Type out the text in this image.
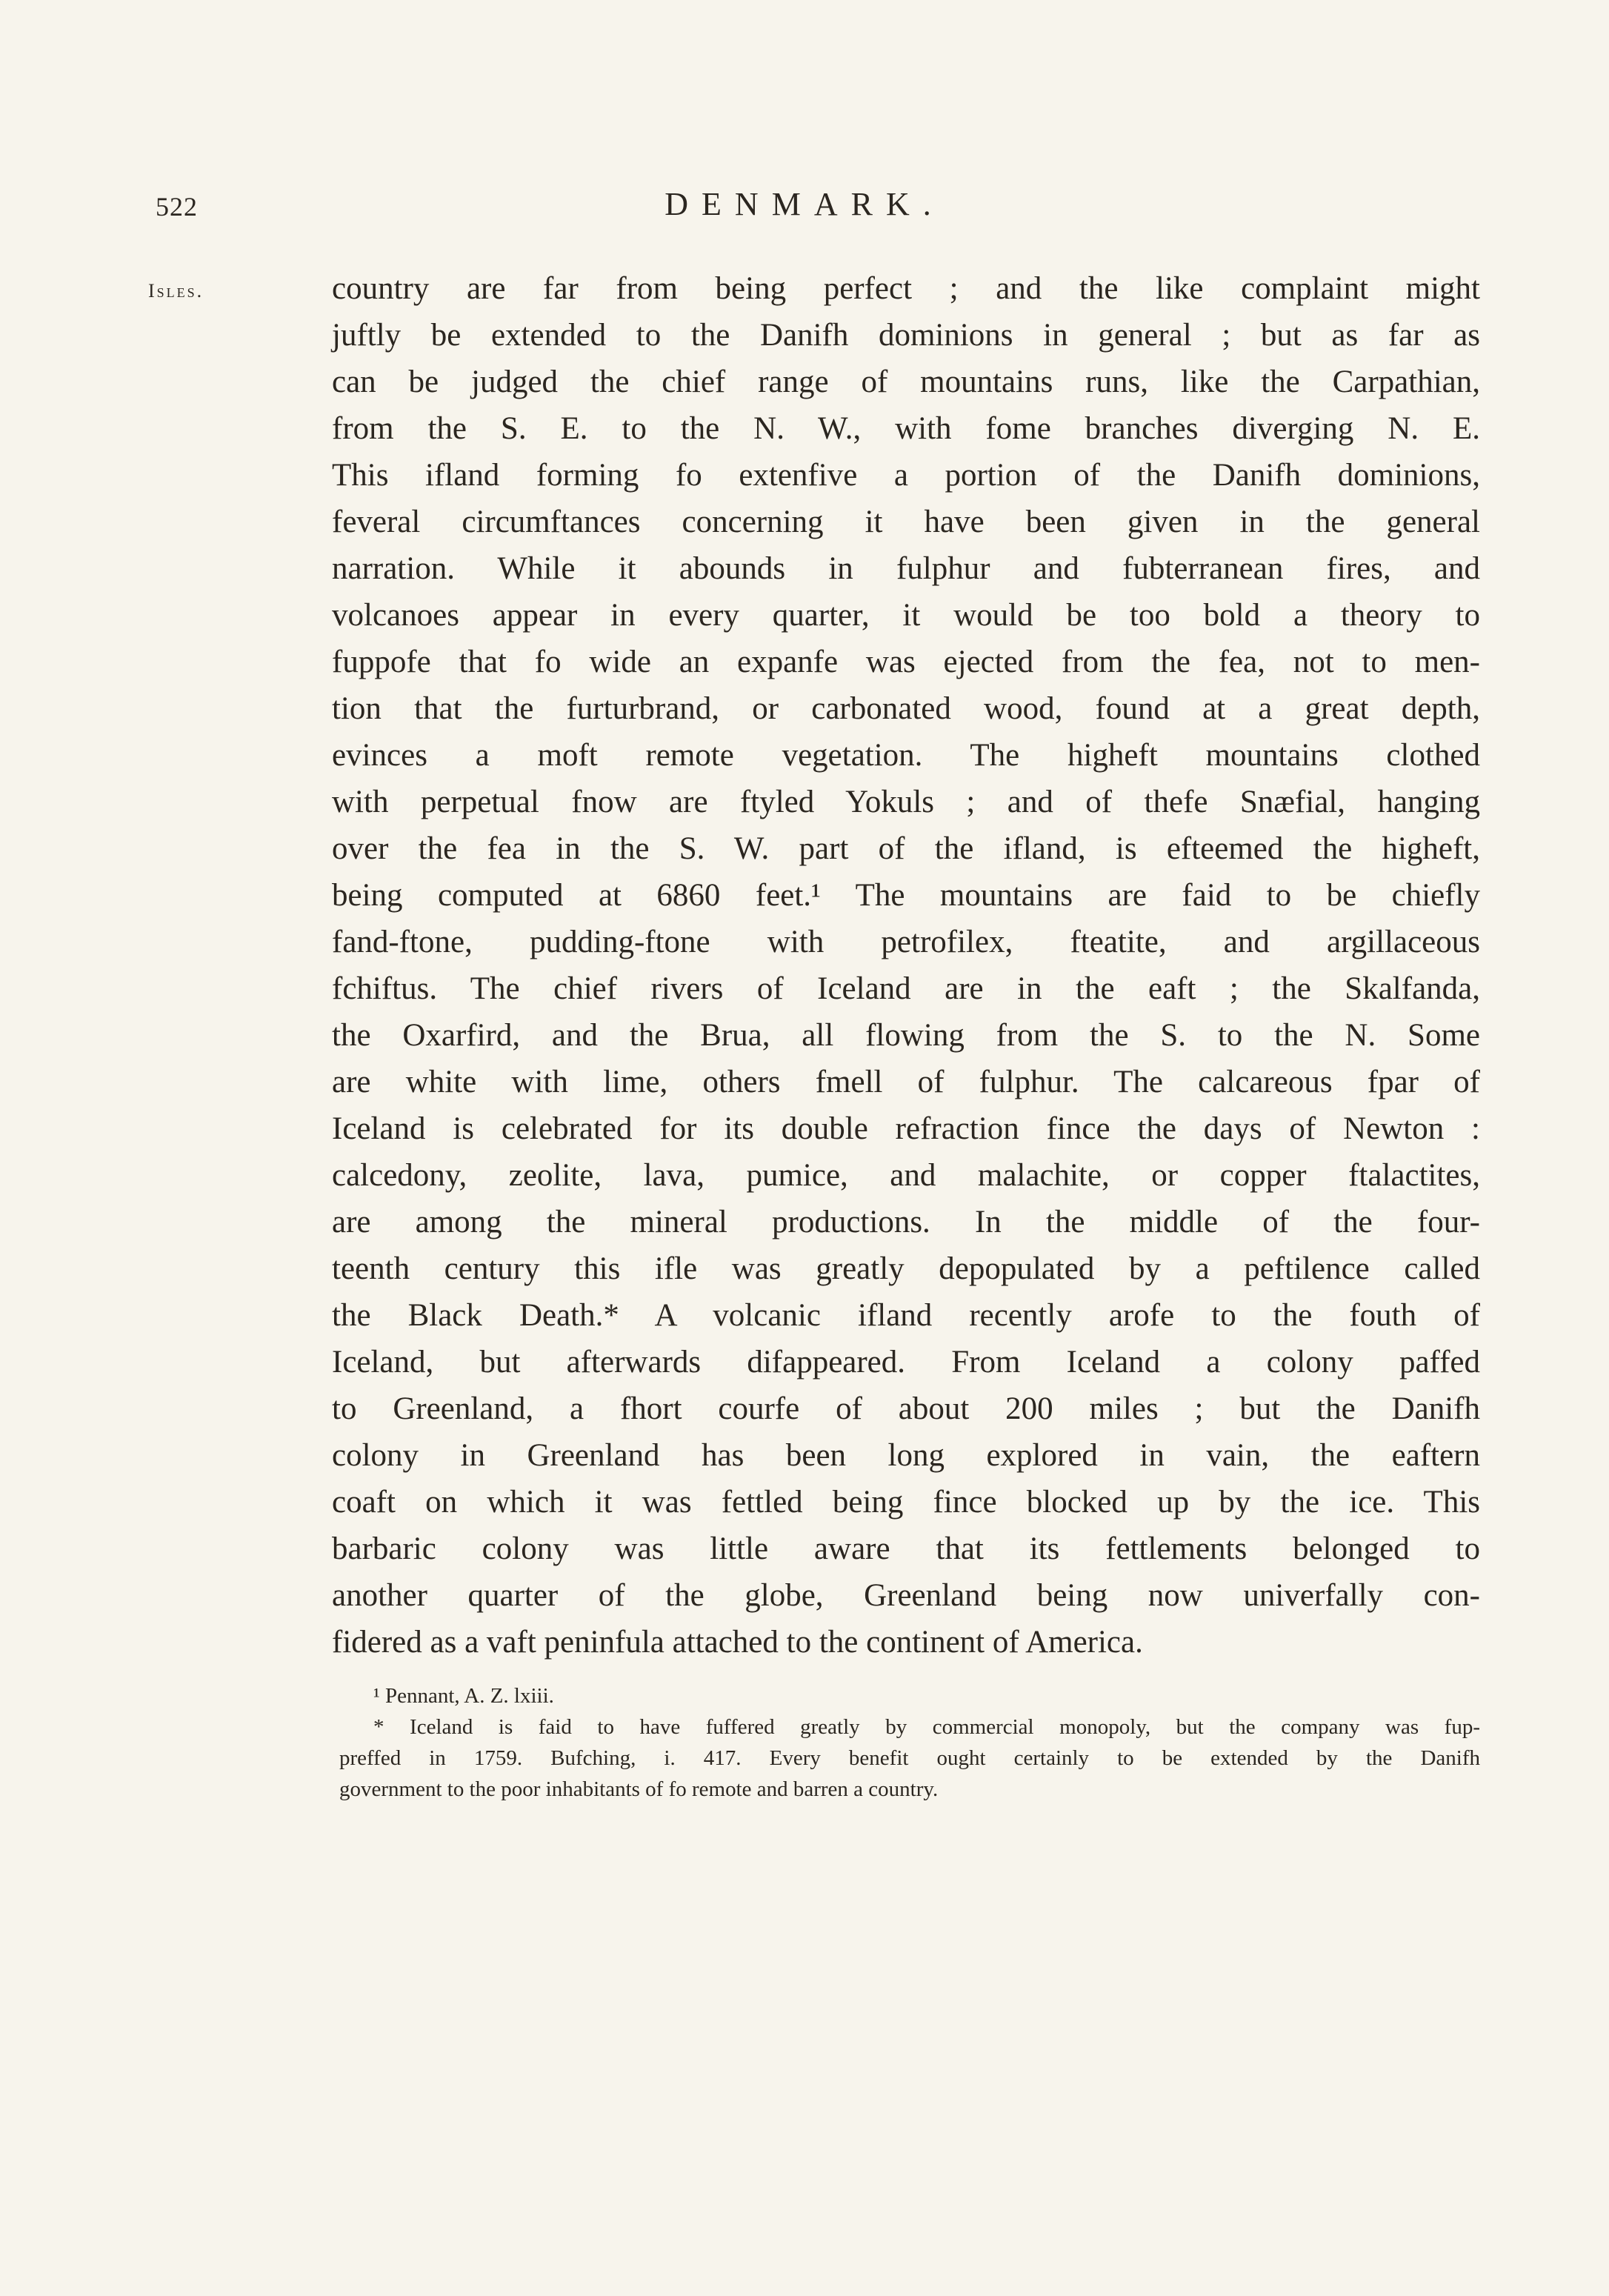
522	DENMARK.
Isles.	country are far from being perfect ; and the like complaint might
juftly be extended to the Danifh dominions in general ; but as far as
can be judged the chief range of mountains runs, like the Carpathian,
from the S. E. to the N. W., with fome branches diverging N. E.
This ifland forming fo extenfive a portion of the Danifh dominions,
feveral circumftances concerning it have been given in the general
narration. While it abounds in fulphur and fubterranean fires, and
volcanoes appear in every quarter, it would be too bold a theory to
fuppofe that fo wide an expanfe was ejected from the fea, not to men-
tion that the furturbrand, or carbonated wood, found at a great depth,
evinces a moft remote vegetation. The higheft mountains clothed
with perpetual fnow are ftyled Yokuls ; and of thefe Snæfial, hanging
over the fea in the S. W. part of the ifland, is efteemed the higheft,
being computed at 6860 feet.¹ The mountains are faid to be chiefly
fand-ftone, pudding-ftone with petrofilex, fteatite, and argillaceous
fchiftus. The chief rivers of Iceland are in the eaft ; the Skalfanda,
the Oxarfird, and the Brua, all flowing from the S. to the N. Some
are white with lime, others fmell of fulphur. The calcareous fpar of
Iceland is celebrated for its double refraction fince the days of Newton :
calcedony, zeolite, lava, pumice, and malachite, or copper ftalactites,
are among the mineral productions. In the middle of the four-
teenth century this ifle was greatly depopulated by a peftilence called
the Black Death.* A volcanic ifland recently arofe to the fouth of
Iceland, but afterwards difappeared. From Iceland a colony paffed
to Greenland, a fhort courfe of about 200 miles ; but the Danifh
colony in Greenland has been long explored in vain, the eaftern
coaft on which it was fettled being fince blocked up by the ice. This
barbaric colony was little aware that its fettlements belonged to
another quarter of the globe, Greenland being now univerfally con-
fidered as a vaft peninfula attached to the continent of America.
¹ Pennant, A. Z. lxiii.
* Iceland is faid to have fuffered greatly by commercial monopoly, but the company was fup-
preffed in 1759. Bufching, i. 417. Every benefit ought certainly to be extended by the Danifh
government to the poor inhabitants of fo remote and barren a country.
